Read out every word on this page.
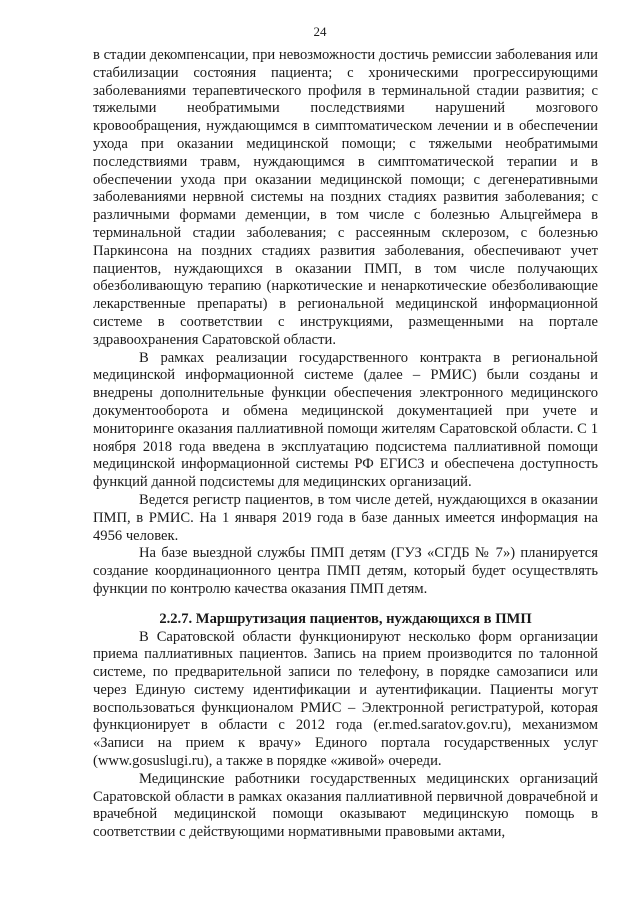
24

в стадии декомпенсации, при невозможности достичь ремиссии заболевания или стабилизации состояния пациента; с хроническими прогрессирующими заболеваниями терапевтического профиля в терминальной стадии развития; с тяжелыми необратимыми последствиями нарушений мозгового кровообращения, нуждающимся в симптоматическом лечении и в обеспечении ухода при оказании медицинской помощи; с тяжелыми необратимыми последствиями травм, нуждающимся в симптоматической терапии и в обеспечении ухода при оказании медицинской помощи; с дегенеративными заболеваниями нервной системы на поздних стадиях развития заболевания; с различными формами деменции, в том числе с болезнью Альцгеймера в терминальной стадии заболевания; с рассеянным склерозом, с болезнью Паркинсона на поздних стадиях развития заболевания, обеспечивают учет пациентов, нуждающихся в оказании ПМП, в том числе получающих обезболивающую терапию (наркотические и ненаркотические обезболивающие лекарственные препараты) в региональной медицинской информационной системе в соответствии с инструкциями, размещенными на портале здравоохранения Саратовской области.

В рамках реализации государственного контракта в региональной медицинской информационной системе (далее – РМИС) были созданы и внедрены дополнительные функции обеспечения электронного медицинского документооборота и обмена медицинской документацией при учете и мониторинге оказания паллиативной помощи жителям Саратовской области. С 1 ноября 2018 года введена в эксплуатацию подсистема паллиативной помощи медицинской информационной системы РФ ЕГИСЗ и обеспечена доступность функций данной подсистемы для медицинских организаций.

Ведется регистр пациентов, в том числе детей, нуждающихся в оказании ПМП, в РМИС. На 1 января 2019 года в базе данных имеется информация на 4956 человек.

На базе выездной службы ПМП детям (ГУЗ «СГДБ № 7») планируется создание координационного центра ПМП детям, который будет осуществлять функции по контролю качества оказания ПМП детям.

2.2.7. Маршрутизация пациентов, нуждающихся в ПМП

В Саратовской области функционируют несколько форм организации приема паллиативных пациентов. Запись на прием производится по талонной системе, по предварительной записи по телефону, в порядке самозаписи или через Единую систему идентификации и аутентификации. Пациенты могут воспользоваться функционалом РМИС – Электронной регистратурой, которая функционирует в области с 2012 года (er.med.saratov.gov.ru), механизмом «Записи на прием к врачу» Единого портала государственных услуг (www.gosuslugi.ru), а также в порядке «живой» очереди.

Медицинские работники государственных медицинских организаций Саратовской области в рамках оказания паллиативной первичной доврачебной и врачебной медицинской помощи оказывают медицинскую помощь в соответствии с действующими нормативными правовыми актами,
